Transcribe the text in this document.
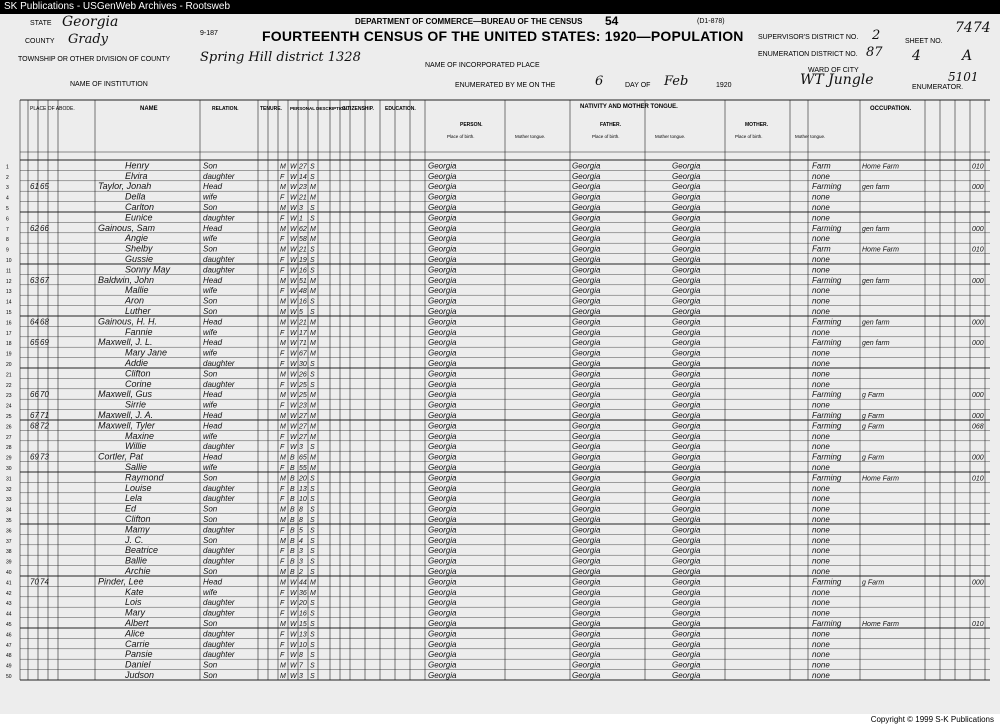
SK Publications - USGenWeb Archives - Rootsweb
9-187
DEPARTMENT OF COMMERCE—BUREAU OF THE CENSUS 54	(D1-878)
FOURTEENTH CENSUS OF THE UNITED STATES: 1920—POPULATION
STATE Georgia
COUNTY Grady
TOWNSHIP OR OTHER DIVISION OF COUNTY Spring Hill district 1328
NAME OF INSTITUTION
NAME OF INCORPORATED PLACE
ENUMERATED BY ME ON THE	6	DAY OF Feb	1920	WT Jungle	ENUMERATOR.
SUPERVISOR'S DISTRICT NO. 2
ENUMERATION DISTRICT NO. 87
SHEET NO.
4	A
WARD OF CITY
7474
5101
PLACE OF ABODE.	NAME	RELATION.	TENURE. PERSONAL DESCRIPTION.
CITIZENSHIP. EDUCATION.	NATIVITY AND MOTHER TONGUE.
PERSON.	FATHER.	MOTHER.
Place of birth.	Mother tongue.	Place of birth.	Mother tongue.	Place of birth.	Mother tongue.
OCCUPATION.
1	Henry	Son	M W 27 S	Georgia	Georgia	Georgia	Farm	Home Farm	010
2	Elvira	daughter	F W 14 S	Georgia	Georgia	Georgia	none
3	61 65	Taylor, Jonah	Head	M W 23 M	Georgia	Georgia	Georgia	Farming	gen farm	000
4	Della	wife	F W 21 M	Georgia	Georgia	Georgia	none
5	Carlton	Son	M W 3 S	Georgia	Georgia	Georgia	none
6	Eunice	daughter	F W 1 S	Georgia	Georgia	Georgia	none
7	62 66	Gainous, Sam	Head	M W 62 M	Georgia	Georgia	Georgia	Farming	gen farm	000
8	Angie	wife	F W 58 M	Georgia	Georgia	Georgia	none
9	Shelby	Son	M W 21 S	Georgia	Georgia	Georgia	Farm	Home Farm	010
10	Gussie	daughter	F W 19 S	Georgia	Georgia	Georgia	none
11	Sonny May	daughter	F W 16 S	Georgia	Georgia	Georgia	none
12 63 67	Baldwin, John	Head	M W 51 M	Georgia	Georgia	Georgia	Farming	gen farm	000
13	Mallie	wife	F W 48 M	Georgia	Georgia	Georgia	none
14	Aron	Son	M W 16 S	Georgia	Georgia	Georgia	none
15	Luther	Son	M W 5 S	Georgia	Georgia	Georgia	none
16 64 68	Gainous, H. H.	Head	M W 21 M	Georgia	Georgia	Georgia	Farming	gen farm	000
17	Fannie	wife	F W 17 M	Georgia	Georgia	Georgia	none
18 65 69	Maxwell, J. L.	Head	M W 71 M	Georgia	Georgia	Georgia	Farming	gen farm	000
19	Mary Jane	wife	F W 67 M	Georgia	Georgia	Georgia	none
20	Addie	daughter	F W 30 S	Georgia	Georgia	Georgia	none
21	Clifton	Son	M W 26 S	Georgia	Georgia	Georgia	none
22	Corine	daughter	F W 25 S	Georgia	Georgia	Georgia	none
23 66 70	Maxwell, Gus	Head	M W 25 M	Georgia	Georgia	Georgia	Farming	g Farm	000
24	Sirrie	wife	F W 23 M	Georgia	Georgia	Georgia	none
25 67 71	Maxwell, J. A.	Head	M W 27 M	Georgia	Georgia	Georgia	Farming	g Farm	000
26 68 72	Maxwell, Tyler	Head	M W 27 M	Georgia	Georgia	Georgia	Farming	g Farm	068
27	Maxine	wife	F W 27 M	Georgia	Georgia	Georgia	none
28	Willie	daughter	F W 3 S	Georgia	Georgia	Georgia	none
29 69 73	Cortler, Pat	Head	M B 65 M	Georgia	Georgia	Georgia	Farming	g Farm	000
30	Sallie	wife	F B 55 M	Georgia	Georgia	Georgia	none
31	Raymond	Son	M B 20 S	Georgia	Georgia	Georgia	Farming	Home Farm	010
32	Louise	daughter	F B 13 S	Georgia	Georgia	Georgia	none
33	Lela	daughter	F B 10 S	Georgia	Georgia	Georgia	none
34	Ed	Son	M B 8 S	Georgia	Georgia	Georgia	none
35	Clifton	Son	M B 8 S	Georgia	Georgia	Georgia	none
36	Mamy	daughter	F B 5 S	Georgia	Georgia	Georgia	none
37	J. C.	Son	M B 4 S	Georgia	Georgia	Georgia	none
38	Beatrice	daughter	F B 3 S	Georgia	Georgia	Georgia	none
39	Ballie	daughter	F B 3 S	Georgia	Georgia	Georgia	none
40	Archie	Son	M B 2 S	Georgia	Georgia	Georgia	none
41 70 74	Pinder, Lee	Head	M W 44 M	Georgia	Georgia	Georgia	Farming	g Farm	000
42	Kate	wife	F W 36 M	Georgia	Georgia	Georgia	none
43	Lois	daughter	F W 20 S	Georgia	Georgia	Georgia	none
44	Mary	daughter	F W 16 S	Georgia	Georgia	Georgia	none
45	Albert	Son	M W 15 S	Georgia	Georgia	Georgia	Farming	Home Farm	010
46	Alice	daughter	F W 13 S	Georgia	Georgia	Georgia	none
47	Carrie	daughter	F W 10 S	Georgia	Georgia	Georgia	none
48	Pansie	daughter	F W 8 S	Georgia	Georgia	Georgia	none
49	Daniel	Son	M W 7 S	Georgia	Georgia	Georgia	none
50	Judson	Son	M W 3 S	Georgia	Georgia	Georgia	none
Copyright © 1999 S-K Publications
